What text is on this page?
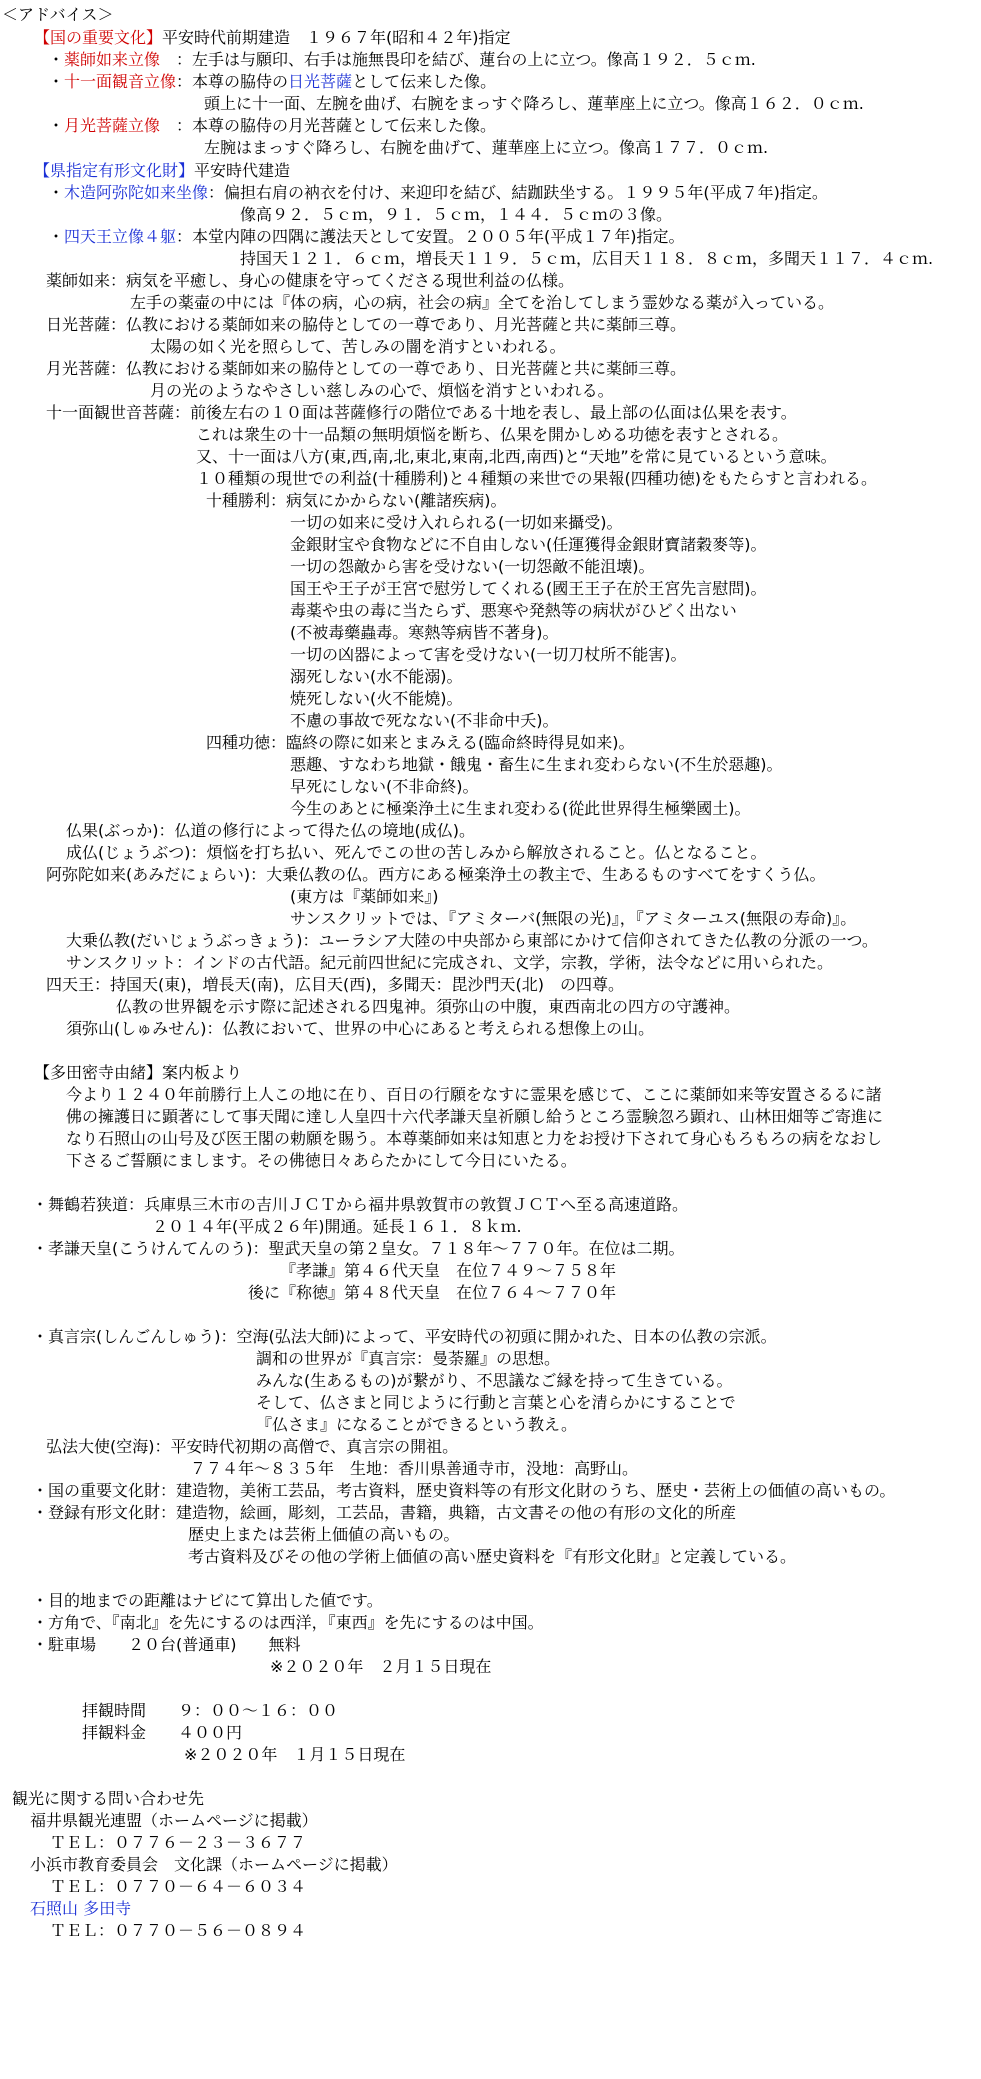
＜アドバイス＞
【国の重要文化】平安時代前期建造　１９６７年(昭和４２年)指定
・薬師如来立像　：左手は与願印、右手は施無畏印を結び、蓮台の上に立つ。像高１９２．５ｃｍ.
・十一面観音立像：本尊の脇侍の日光菩薩として伝来した像。
頭上に十一面、左腕を曲げ、右腕をまっすぐ降ろし、蓮華座上に立つ。像高１６２．０ｃｍ.
・月光菩薩立像　：本尊の脇侍の月光菩薩として伝来した像。
左腕はまっすぐ降ろし、右腕を曲げて、蓮華座上に立つ。像高１７７．０ｃｍ.
【県指定有形文化財】平安時代建造
・木造阿弥陀如来坐像：偏担右肩の衲衣を付け、来迎印を結び、結跏趺坐する。１９９５年(平成７年)指定。
像高９２．５ｃｍ，９１．５ｃｍ，１４４．５ｃｍの３像。
・四天王立像４躯：本堂内陣の四隅に護法天として安置。２００５年(平成１７年)指定。
持国天１２１．６ｃｍ，増長天１１９．５ｃｍ，広目天１１８．８ｃｍ，多聞天１１７．４ｃｍ.
薬師如来：病気を平癒し、身心の健康を守ってくださる現世利益の仏様。
左手の薬壷の中には『体の病，心の病，社会の病』全てを治してしまう霊妙なる薬が入っている。
日光菩薩：仏教における薬師如来の脇侍としての一尊であり、月光菩薩と共に薬師三尊。
太陽の如く光を照らして、苦しみの闇を消すといわれる。
月光菩薩：仏教における薬師如来の脇侍としての一尊であり、日光菩薩と共に薬師三尊。
月の光のようなやさしい慈しみの心で、煩悩を消すといわれる。
十一面観世音菩薩：前後左右の１０面は菩薩修行の階位である十地を表し、最上部の仏面は仏果を表す。
これは衆生の十一品類の無明煩悩を断ち、仏果を開かしめる功徳を表すとされる。
又、十一面は八方(東,西,南,北,東北,東南,北西,南西)と“天地”を常に見ているという意味。
１０種類の現世での利益(十種勝利)と４種類の来世での果報(四種功徳)をもたらすと言われる。
十種勝利：病気にかからない(離諸疾病)。
一切の如来に受け入れられる(一切如来攝受)。
金銀財宝や食物などに不自由しない(任運獲得金銀財寶諸穀麥等)。
一切の怨敵から害を受けない(一切怨敵不能沮壊)。
国王や王子が王宮で慰労してくれる(國王王子在於王宮先言慰問)。
毒薬や虫の毒に当たらず、悪寒や発熱等の病状がひどく出ない
(不被毒藥蟲毒。寒熱等病皆不著身)。
一切の凶器によって害を受けない(一切刀杖所不能害)。
溺死しない(水不能溺)。
焼死しない(火不能燒)。
不慮の事故で死なない(不非命中夭)。
四種功徳：臨終の際に如来とまみえる(臨命終時得見如来)。
悪趣、すなわち地獄・餓鬼・畜生に生まれ変わらない(不生於惡趣)。
早死にしない(不非命終)。
今生のあとに極楽浄土に生まれ変わる(從此世界得生極樂國土)。
仏果(ぶっか)：仏道の修行によって得た仏の境地(成仏)。
成仏(じょうぶつ)：煩悩を打ち払い、死んでこの世の苦しみから解放されること。仏となること。
阿弥陀如来(あみだにょらい)：大乗仏教の仏。西方にある極楽浄土の教主で、生あるものすべてをすくう仏。
(東方は『薬師如来』)
サンスクリットでは、『アミターバ(無限の光)』，『アミターユス(無限の寿命)』。
大乗仏教(だいじょうぶっきょう)：ユーラシア大陸の中央部から東部にかけて信仰されてきた仏教の分派の一つ。
サンスクリット：インドの古代語。紀元前四世紀に完成され、文学，宗教，学術，法令などに用いられた。
四天王：持国天(東)，増長天(南)，広目天(西)，多聞天：毘沙門天(北)　の四尊。
仏教の世界観を示す際に記述される四鬼神。須弥山の中腹，東西南北の四方の守護神。
須弥山(しゅみせん)：仏教において、世界の中心にあると考えられる想像上の山。
【多田密寺由緒】案内板より
今より１２４０年前勝行上人この地に在り、百日の行願をなすに霊果を感じて、ここに薬師如来等安置さるるに諸
佛の擁護日に顕著にして事天聞に達し人皇四十六代孝謙天皇祈願し給うところ霊験忽ろ顕れ、山林田畑等ご寄進に
なり石照山の山号及び医王閣の勅願を賜う。本尊薬師如来は知恵と力をお授け下されて身心もろもろの病をなおし
下さるご誓願にまします。その佛徳日々あらたかにして今日にいたる。
・舞鶴若狭道：兵庫県三木市の吉川ＪＣＴから福井県敦賀市の敦賀ＪＣＴへ至る高速道路。
２０１４年(平成２６年)開通。延長１６１．８ｋｍ.
・孝謙天皇(こうけんてんのう)：聖武天皇の第２皇女。７１８年～７７０年。在位は二期。
『孝謙』第４６代天皇　在位７４９～７５８年
後に『称徳』第４８代天皇　在位７６４～７７０年
・真言宗(しんごんしゅう)：空海(弘法大師)によって、平安時代の初頭に開かれた、日本の仏教の宗派。
調和の世界が『真言宗：曼荼羅』の思想。
みんな(生あるもの)が繋がり、不思議なご縁を持って生きている。
そして、仏さまと同じように行動と言葉と心を清らかにすることで
『仏さま』になることができるという教え。
弘法大使(空海)：平安時代初期の高僧で、真言宗の開祖。
７７４年～８３５年　生地：香川県善通寺市，没地：高野山。
・国の重要文化財：建造物，美術工芸品，考古資料，歴史資料等の有形文化財のうち、歴史・芸術上の価値の高いもの。
・登録有形文化財：建造物，絵画，彫刻，工芸品，書籍，典籍，古文書その他の有形の文化的所産
歴史上または芸術上価値の高いもの。
考古資料及びその他の学術上価値の高い歴史資料を『有形文化財』と定義している。
・目的地までの距離はナビにて算出した値です。
・方角で、『南北』を先にするのは西洋，『東西』を先にするのは中国。
・駐車場　　２０台(普通車)　　無料
※２０２０年　２月１５日現在
拝観時間　　９：００～１６：００
拝観料金　　４００円
※２０２０年　１月１５日現在
観光に関する問い合わせ先
福井県観光連盟（ホームページに掲載）
ＴＥＬ：０７７６－２３－３６７７
小浜市教育委員会　文化課（ホームページに掲載）
ＴＥＬ：０７７０－６４－６０３４
石照山 多田寺
ＴＥＬ：０７７０－５６－０８９４
